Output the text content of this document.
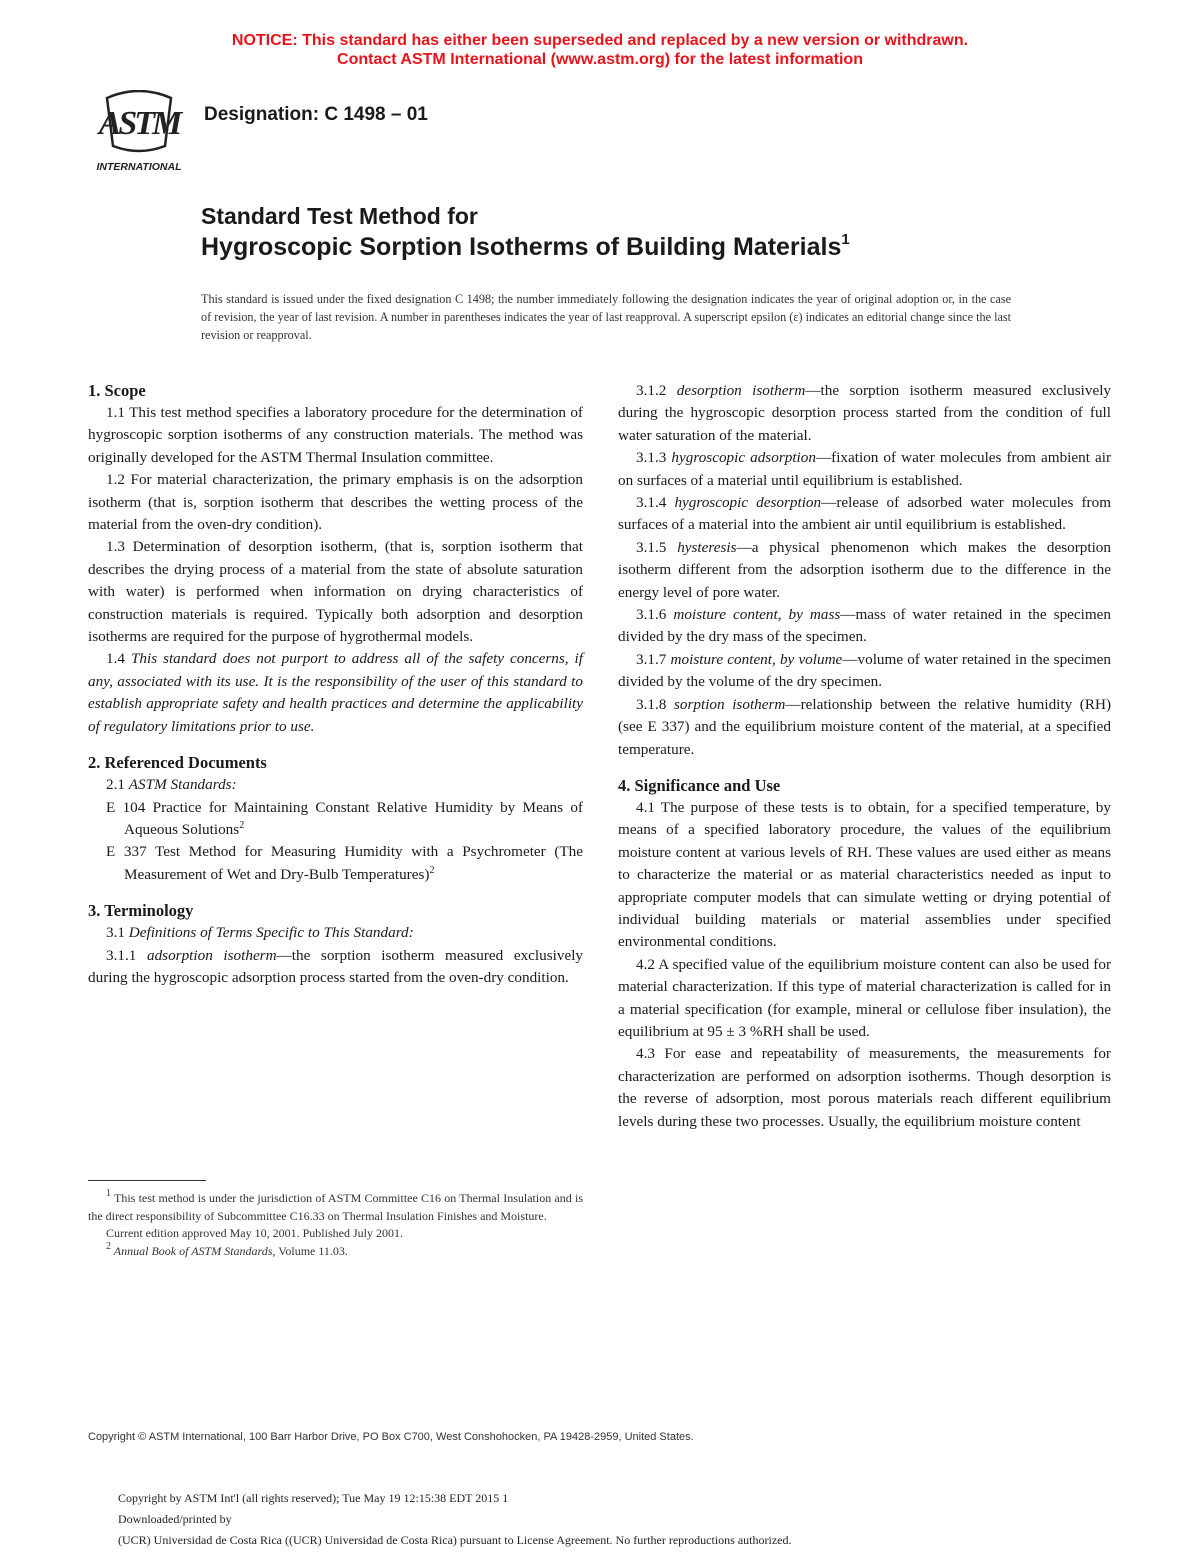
NOTICE: This standard has either been superseded and replaced by a new version or withdrawn.
Contact ASTM International (www.astm.org) for the latest information
ASTM
INTERNATIONAL
Designation: C 1498 – 01
Standard Test Method for
Hygroscopic Sorption Isotherms of Building Materials$^1$
This standard is issued under the fixed designation C 1498; the number immediately following the designation indicates the year of original adoption or, in the case of revision, the year of last revision. A number in parentheses indicates the year of last reapproval. A superscript epsilon (ε) indicates an editorial change since the last revision or reapproval.
1. Scope

1.1 This test method specifies a laboratory procedure for the determination of hygroscopic sorption isotherms of any construction materials. The method was originally developed for the ASTM Thermal Insulation committee.

1.2 For material characterization, the primary emphasis is on the adsorption isotherm (that is, sorption isotherm that describes the wetting process of the material from the oven-dry condition).

1.3 Determination of desorption isotherm, (that is, sorption isotherm that describes the drying process of a material from the state of absolute saturation with water) is performed when information on drying characteristics of construction materials is required. Typically both adsorption and desorption isotherms are required for the purpose of hygrothermal models.

1.4 This standard does not purport to address all of the safety concerns, if any, associated with its use. It is the responsibility of the user of this standard to establish appropriate safety and health practices and determine the applicability of regulatory limitations prior to use.

2. Referenced Documents

2.1 ASTM Standards:

E 104 Practice for Maintaining Constant Relative Humidity by Means of Aqueous Solutions$^2$

E 337 Test Method for Measuring Humidity with a Psychrometer (The Measurement of Wet and Dry-Bulb Temperatures)$^2$

3. Terminology

3.1 Definitions of Terms Specific to This Standard:

3.1.1 adsorption isotherm—the sorption isotherm measured exclusively during the hygroscopic adsorption process started from the oven-dry condition.

3.1.2 desorption isotherm—the sorption isotherm measured exclusively during the hygroscopic desorption process started from the condition of full water saturation of the material.

3.1.3 hygroscopic adsorption—fixation of water molecules from ambient air on surfaces of a material until equilibrium is established.

3.1.4 hygroscopic desorption—release of adsorbed water molecules from surfaces of a material into the ambient air until equilibrium is established.

3.1.5 hysteresis—a physical phenomenon which makes the desorption isotherm different from the adsorption isotherm due to the difference in the energy level of pore water.

3.1.6 moisture content, by mass—mass of water retained in the specimen divided by the dry mass of the specimen.

3.1.7 moisture content, by volume—volume of water retained in the specimen divided by the volume of the dry specimen.

3.1.8 sorption isotherm—relationship between the relative humidity (RH) (see E 337) and the equilibrium moisture content of the material, at a specified temperature.

4. Significance and Use

4.1 The purpose of these tests is to obtain, for a specified temperature, by means of a specified laboratory procedure, the values of the equilibrium moisture content at various levels of RH. These values are used either as means to characterize the material or as material characteristics needed as input to appropriate computer models that can simulate wetting or drying potential of individual building materials or material assemblies under specified environmental conditions.

4.2 A specified value of the equilibrium moisture content can also be used for material characterization. If this type of material characterization is called for in a material specification (for example, mineral or cellulose fiber insulation), the equilibrium at 95 ± 3 %RH shall be used.

4.3 For ease and repeatability of measurements, the measurements for characterization are performed on adsorption isotherms. Though desorption is the reverse of adsorption, most porous materials reach different equilibrium levels during these two processes. Usually, the equilibrium moisture content

$^1$ This test method is under the jurisdiction of ASTM Committee C16 on Thermal Insulation and is the direct responsibility of Subcommittee C16.33 on Thermal Insulation Finishes and Moisture.

Current edition approved May 10, 2001. Published July 2001.

$^2$ Annual Book of ASTM Standards, Volume 11.03.

Copyright © ASTM International, 100 Barr Harbor Drive, PO Box C700, West Conshohocken, PA 19428-2959, United States.
Copyright by ASTM Int'l (all rights reserved); Tue May 19 12:15:38 EDT 2015 1
Downloaded/printed by
(UCR) Universidad de Costa Rica ((UCR) Universidad de Costa Rica) pursuant to License Agreement. No further reproductions authorized.
